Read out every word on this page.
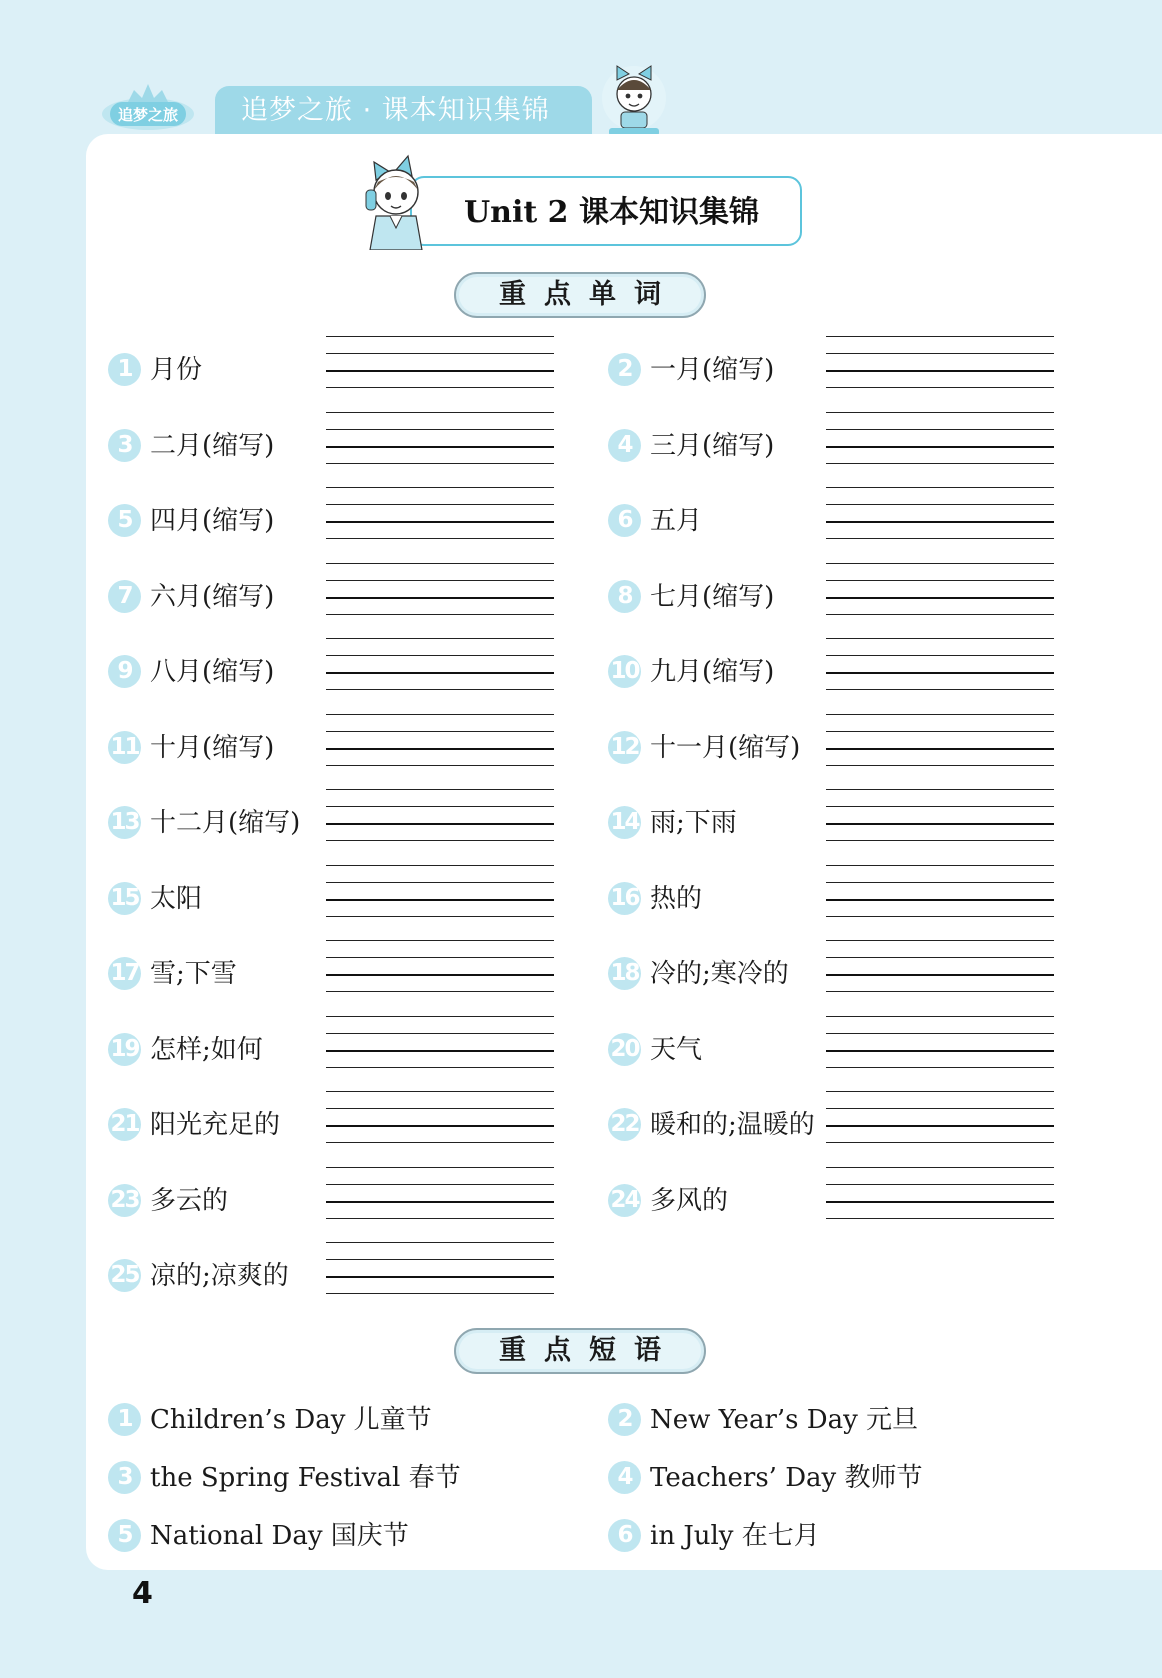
追梦之旅	追梦之旅 · 课本知识集锦
Unit 2 课本知识集锦
重点单词
1 月份	2 一月(缩写)
3 二月(缩写)	4 三月(缩写)
5 四月(缩写)	6 五月
7 六月(缩写)	8 七月(缩写)
9 八月(缩写)	10 九月(缩写)
11 十月(缩写)	12 十一月(缩写)
13 十二月(缩写)	14 雨;下雨
15 太阳	16 热的
17 雪;下雪	18 冷的;寒冷的
19 怎样;如何	20 天气
21 阳光充足的	22 暖和的;温暖的
23 多云的	24 多风的
25 凉的;凉爽的
重点短语
1 Children’s Day 儿童节	2 New Year’s Day 元旦
3 the Spring Festival 春节	4 Teachers’ Day 教师节
5 National Day 国庆节	6 in July 在七月
4
